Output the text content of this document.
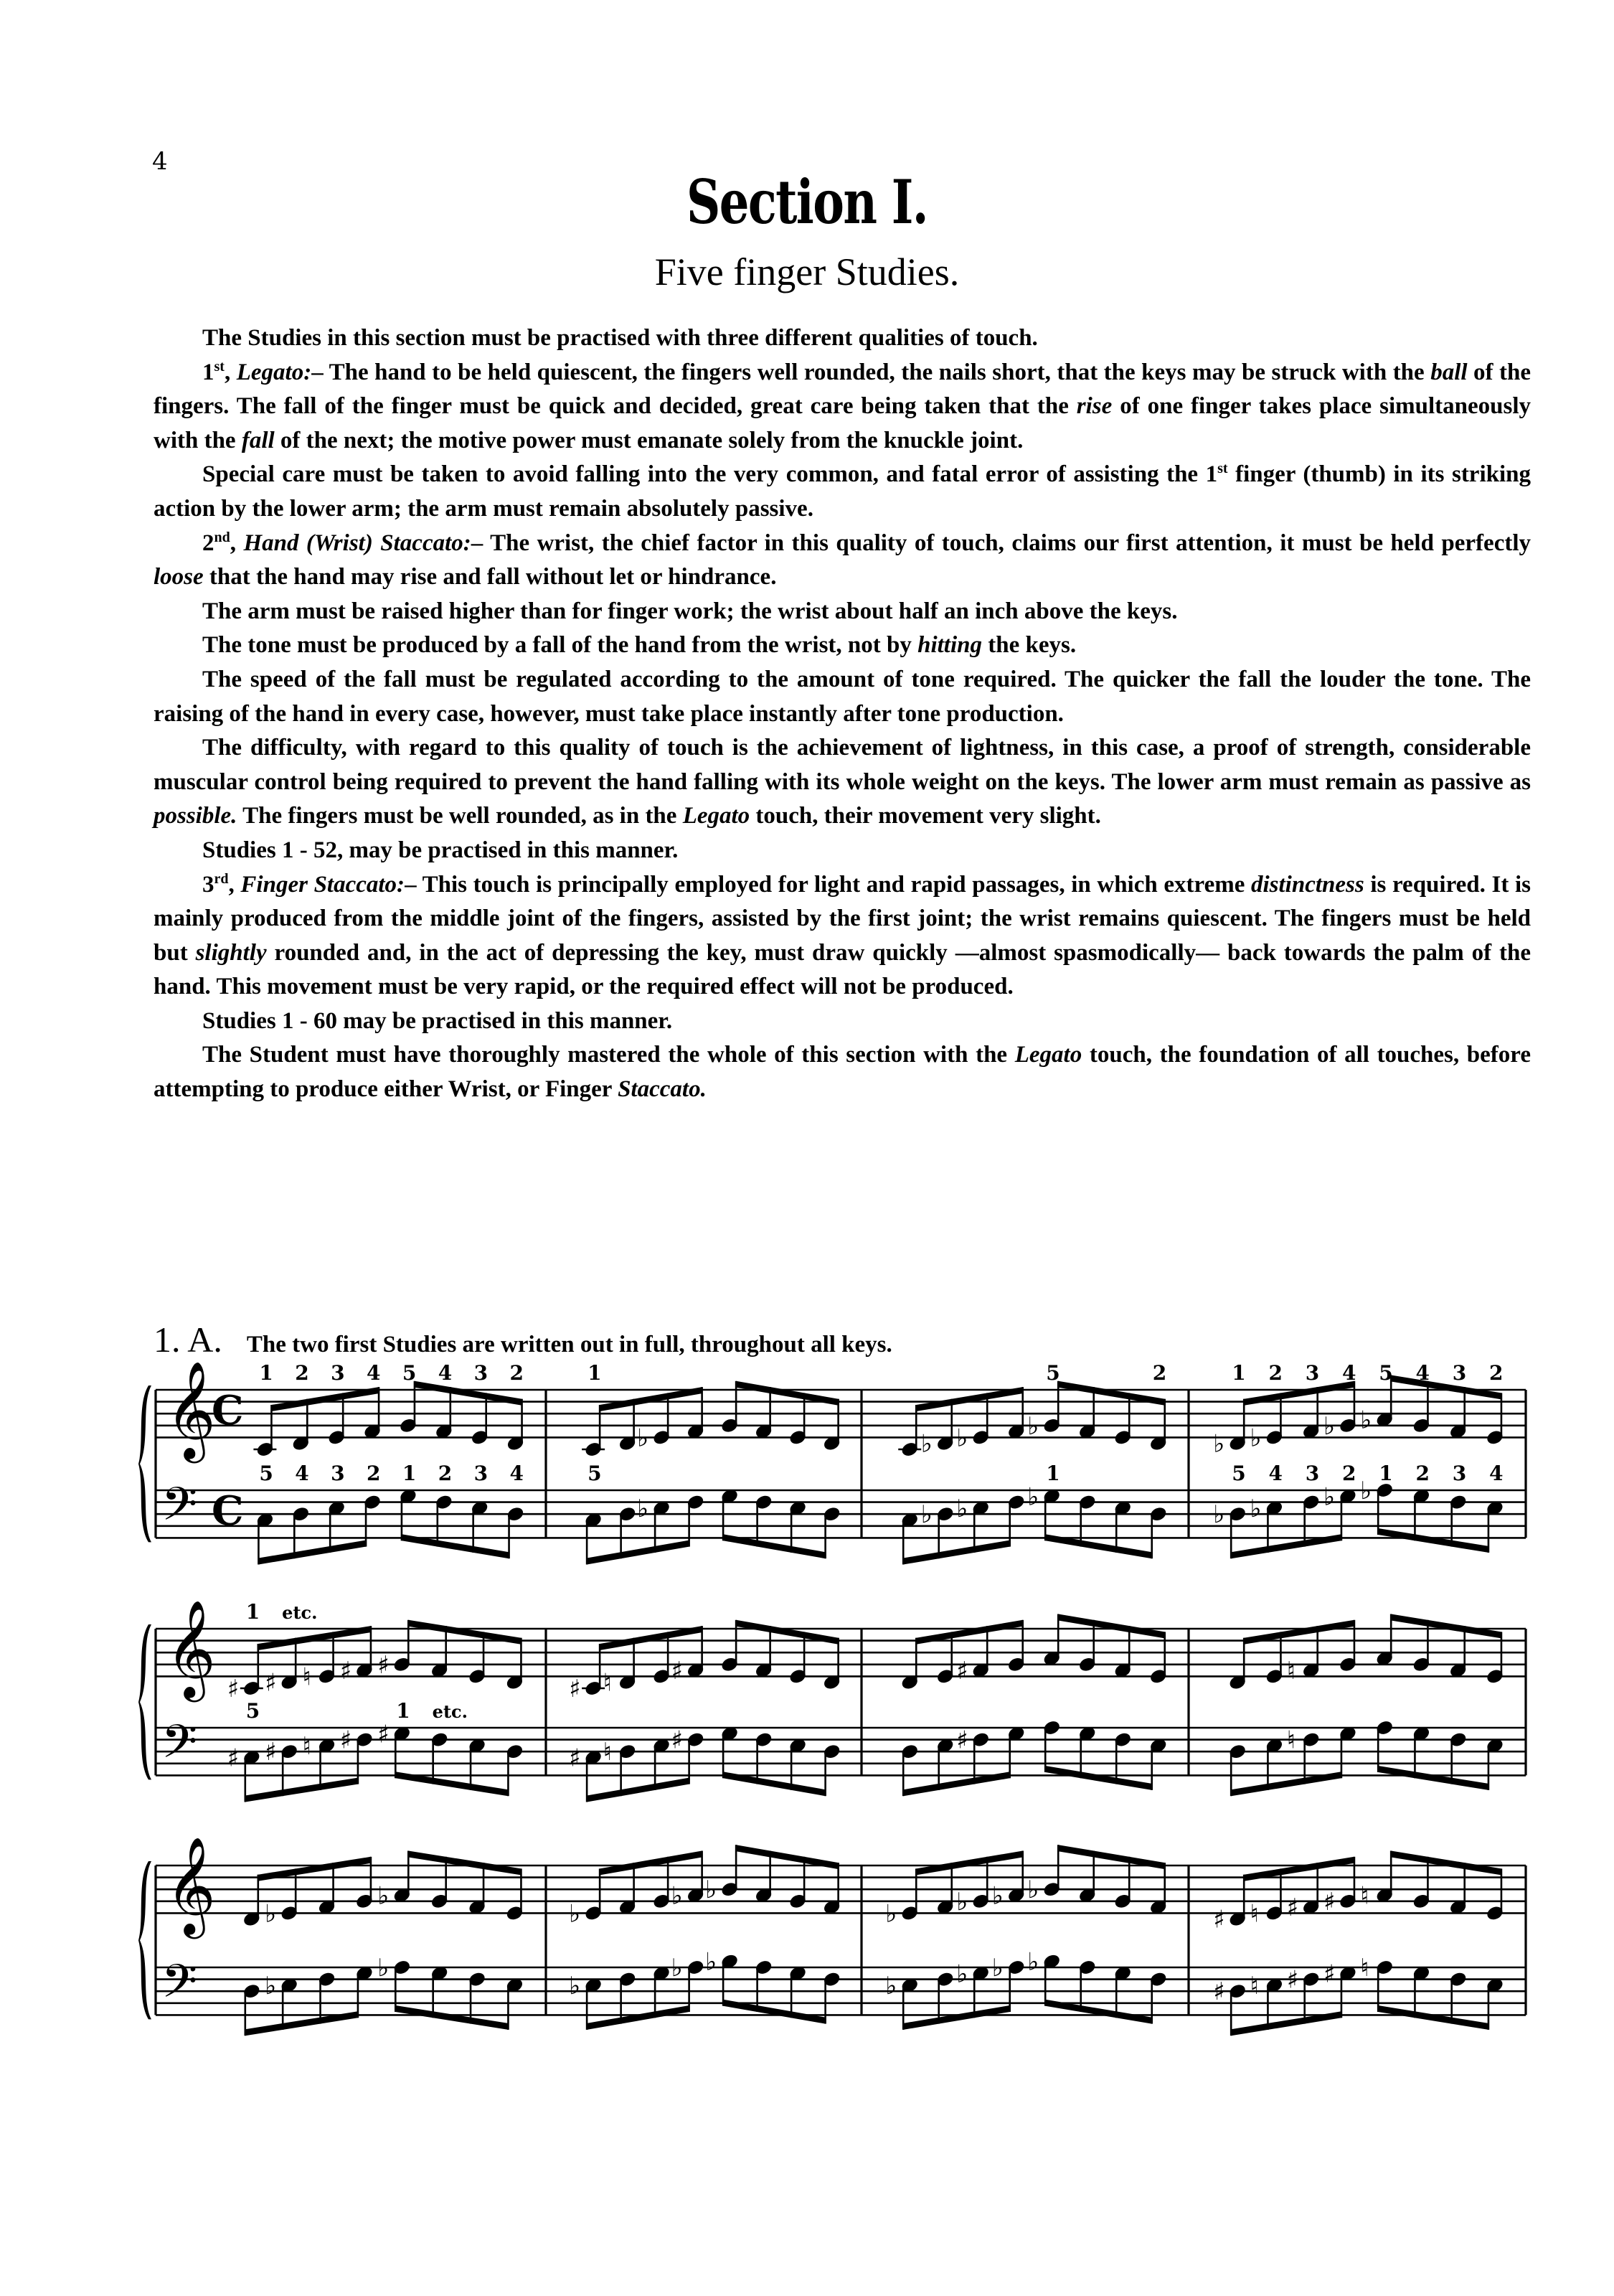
4
Section I.
Five finger Studies.

The Studies in this section must be practised with three different qualities of touch.

1st, Legato:– The hand to be held quiescent, the fingers well rounded, the nails short, that the keys may be struck with the ball of the fingers. The fall of the finger must be quick and decided, great care being taken that the rise of one finger takes place simultaneously with the fall of the next; the motive power must emanate solely from the knuckle joint.

Special care must be taken to avoid falling into the very common, and fatal error of assisting the 1st finger (thumb) in its striking action by the lower arm; the arm must remain absolutely passive.

2nd, Hand (Wrist) Staccato:– The wrist, the chief factor in this quality of touch, claims our first attention, it must be held perfectly loose that the hand may rise and fall without let or hindrance.

The arm must be raised higher than for finger work; the wrist about half an inch above the keys.

The tone must be produced by a fall of the hand from the wrist, not by hitting the keys.

The speed of the fall must be regulated according to the amount of tone required. The quicker the fall the louder the tone. The raising of the hand in every case, however, must take place instantly after tone production.

The difficulty, with regard to this quality of touch is the achievement of lightness, in this case, a proof of strength, considerable muscular control being required to prevent the hand falling with its whole weight on the keys. The lower arm must remain as passive as possible. The fingers must be well rounded, as in the Legato touch, their movement very slight.

Studies 1 - 52, may be practised in this manner.

3rd, Finger Staccato:– This touch is principally employed for light and rapid passages, in which extreme distinctness is required. It is mainly produced from the middle joint of the fingers, assisted by the first joint; the wrist remains quiescent. The fingers must be held but slightly rounded and, in the act of depressing the key, must draw quickly —almost spasmodically— back towards the palm of the hand. This movement must be very rapid, or the required effect will not be produced.

Studies 1 - 60 may be practised in this manner.

The Student must have thoroughly mastered the whole of this section with the Legato touch, the foundation of all touches, before attempting to produce either Wrist, or Finger Staccato.

1. A. The two first Studies are written out in full, throughout all keys.
𝄞
𝄢
C
C
1 2 3 4 5 4 3 2
5 4 3 2 1 2 3 4
1
♭
5
♭
♭ ♭ ♭
5	2
♭ ♭ ♭
1
♭
1
♭
2 3
♭
4
♭
5 4 3 2
♭
5
♭
4 3
♭
2
♭
1 2 3 4
𝄞
𝄢
♯
1
♯
etc.
♮ ♯ ♯
♯
5
♯ ♮ ♯ ♯
1 etc.
♯ ♮ ♯
♯ ♮ ♯
♯
♯
♮
♮
𝄞
𝄢
♭
♭
♭
♭
♭
♭ ♭
♭
♭ ♭
♭ ♭ ♭ ♭
♭ ♭ ♭ ♭
♯ ♮ ♯ ♯ ♮
♯ ♮ ♯ ♯ ♮
